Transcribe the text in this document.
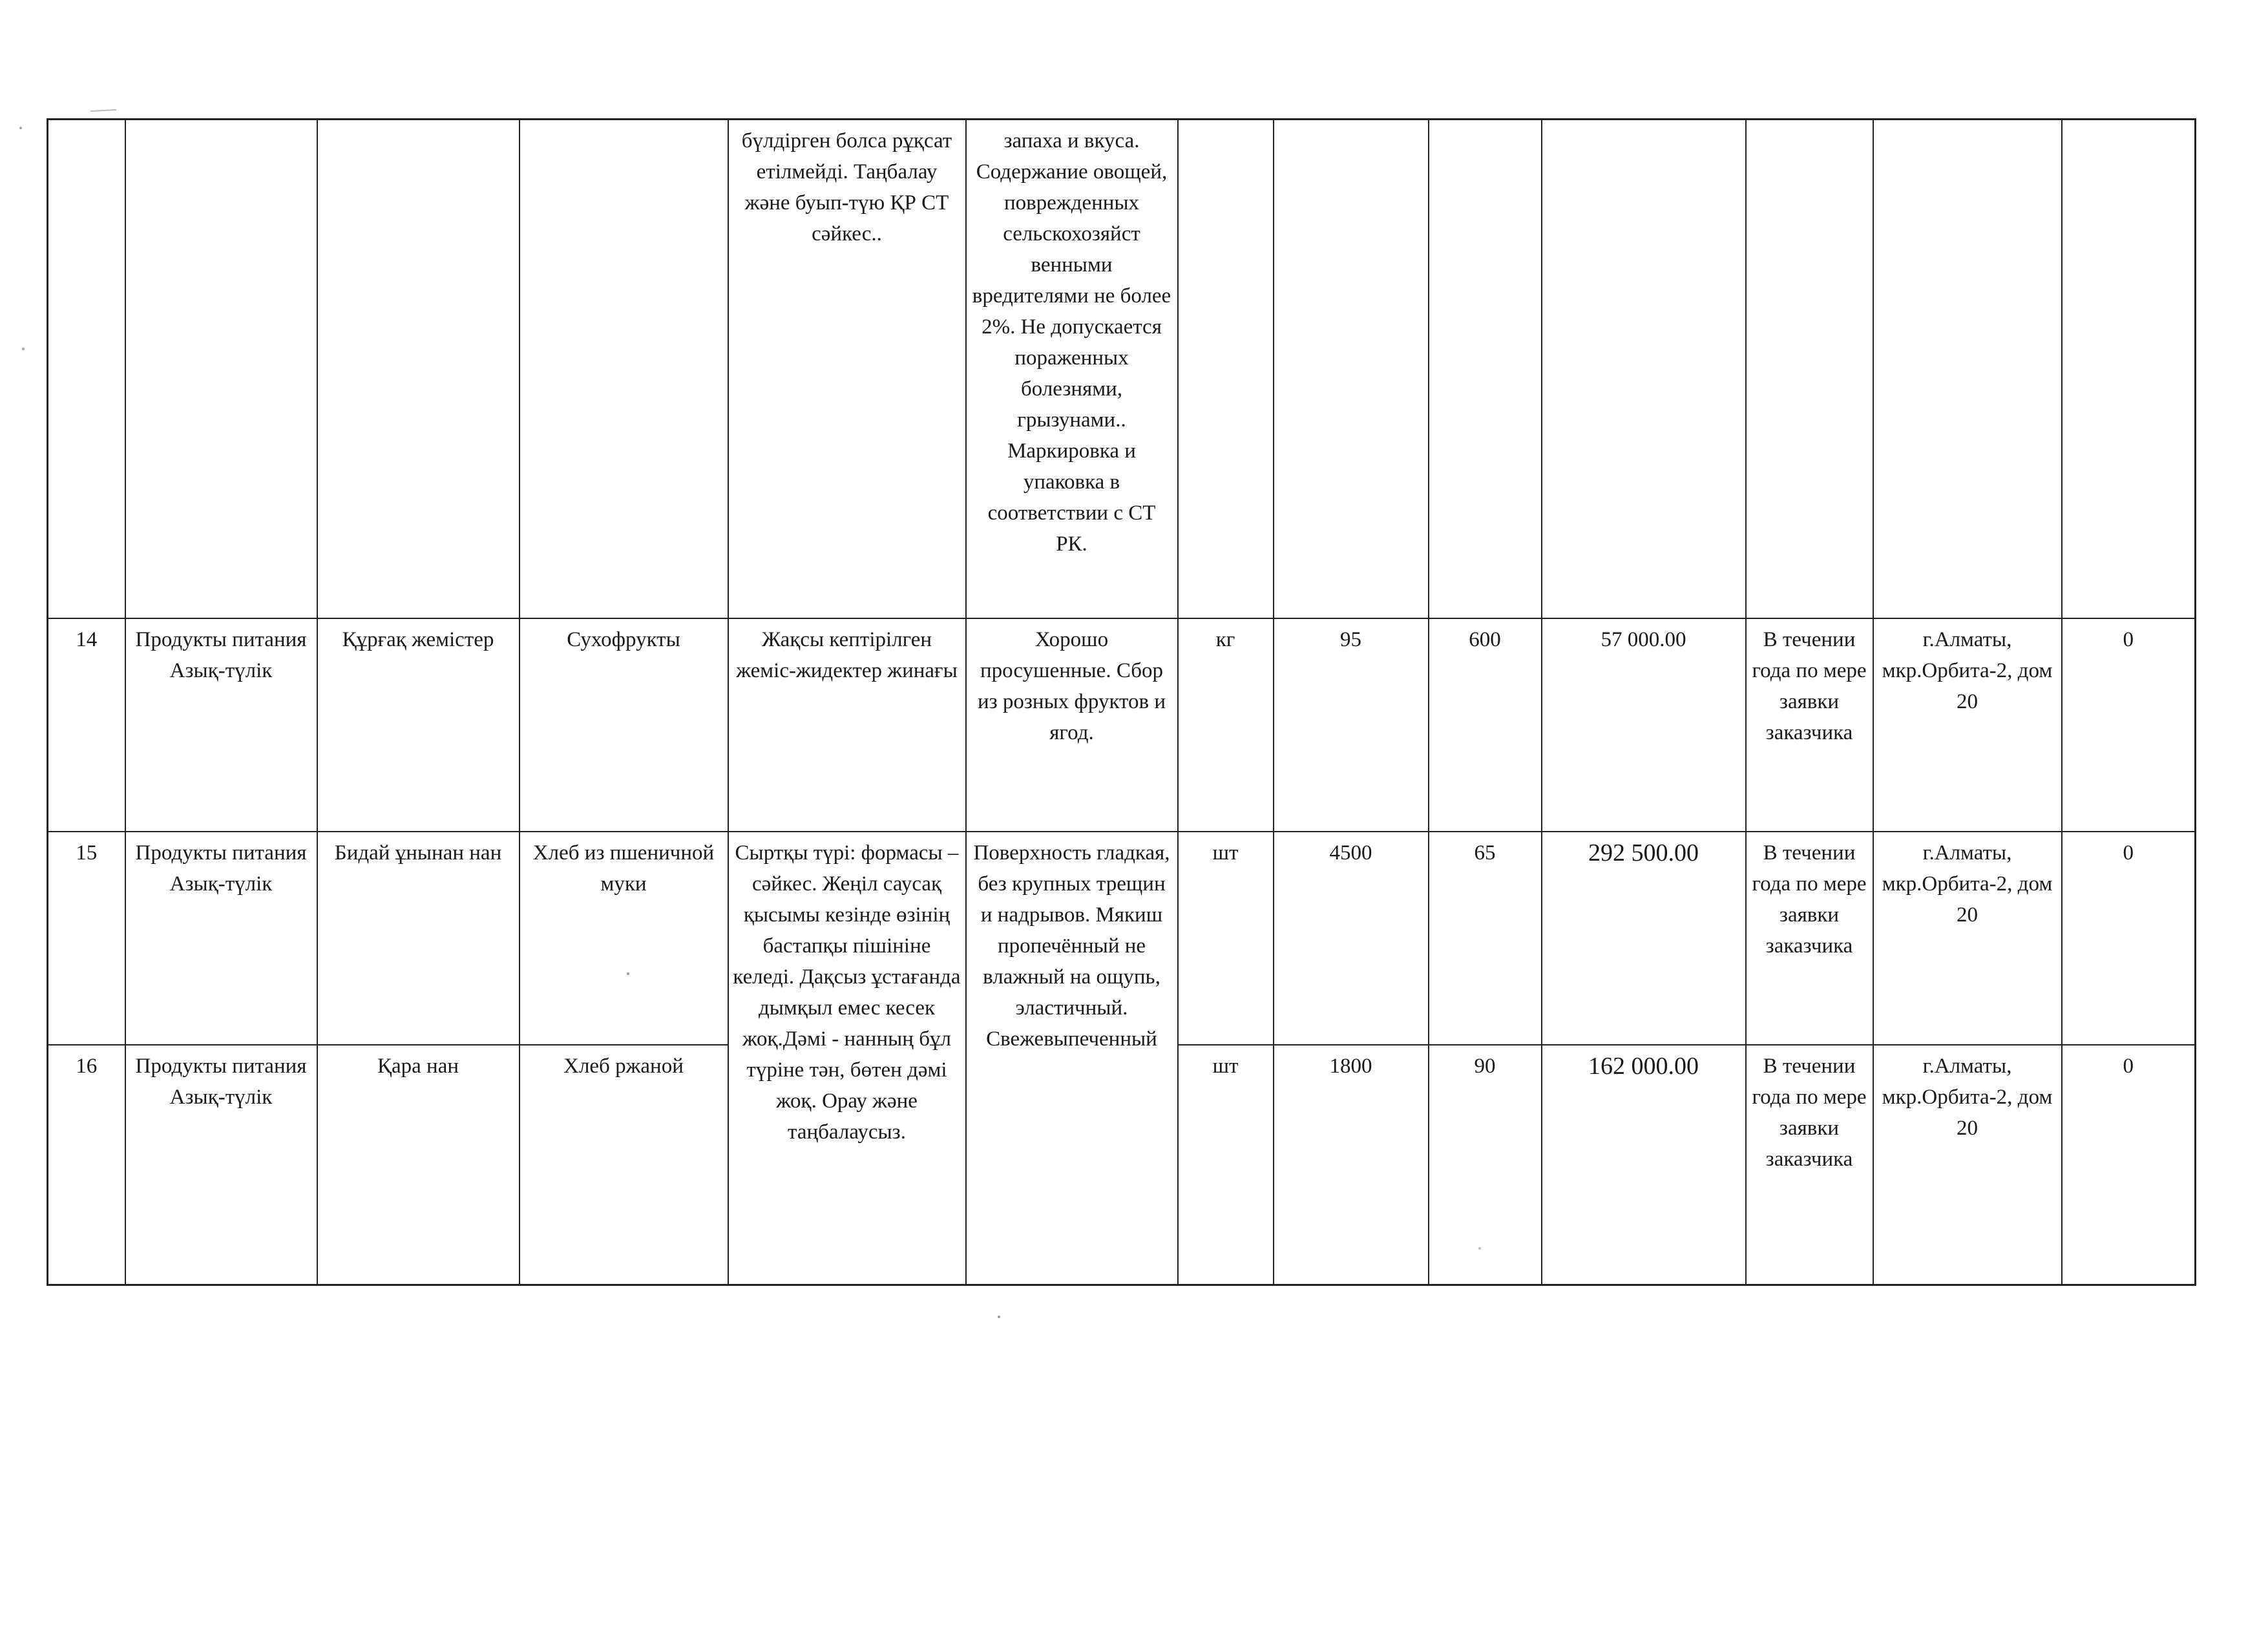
				бүлдірген болса рұқсат етілмейді. Таңбалау және буып-түю ҚР СТ сәйкес..	запаха и вкуса. Содержание овощей, поврежденных сельскохозяйст венными вредителями не более 2%. Не допускается пораженных болезнями, грызунами.. Маркировка и упаковка в соответствии с СТ РК.							
14	Продукты питания Азық-түлік	Құрғақ жемістер	Сухофрукты	Жақсы кептірілген жеміс-жидектер жинағы	Хорошо просушенные. Сбор из розных фруктов и ягод.	кг	95	600	57 000.00	В течении года по мере заявки заказчика	г.Алматы, мкр.Орбита-2, дом 20	0
15	Продукты питания Азық-түлік	Бидай ұнынан нан	Хлеб из пшеничной муки	Сыртқы түрі: формасы –сәйкес. Жеңіл саусақ қысымы кезінде өзінің бастапқы пішініне келеді. Дақсыз ұстағанда дымқыл емес кесек жоқ.Дәмі - нанның бұл түріне тән, бөтен дәмі жоқ. Орау және таңбалаусыз.	Поверхность гладкая, без крупных трещин и надрывов. Мякиш пропечённый не влажный на ощупь, эластичный. Свежевыпеченный	шт	4500	65	292 500.00	В течении года по мере заявки заказчика	г.Алматы, мкр.Орбита-2, дом 20	0
16	Продукты питания Азық-түлік	Қара нан	Хлеб ржаной			шт	1800	90	162 000.00	В течении года по мере заявки заказчика	г.Алматы, мкр.Орбита-2, дом 20	0
